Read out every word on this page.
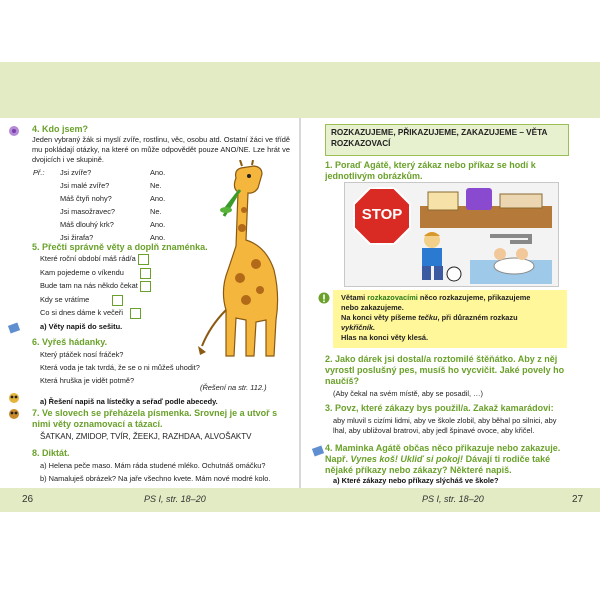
4. Kdo jsem?
Jeden vybraný žák si myslí zvíře, rostlinu, věc, osobu atd. Ostatní žáci ve třídě mu pokládají otázky, na které on může odpovědět pouze ANO/NE. Lze hrát ve dvojicích i ve skupině.
Př.: Jsi zvíře?	Ano.
Jsi malé zvíře?	Ne.
Máš čtyři nohy?	Ano.
Jsi masožravec?	Ne.
Máš dlouhý krk?	Ano.
Jsi žirafa?	Ano.
5. Přečti správně věty a doplň znaménka.
Které roční období máš rád/a
Kam pojedeme o víkendu
Bude tam na nás někdo čekat
Kdy se vrátíme
Co si dnes dáme k večeři
a) Věty napiš do sešitu.
6. Vyřeš hádanky.
Který ptáček nosí fráček?
Která voda je tak tvrdá, že se o ni můžeš uhodit?
Která hruška je vidět potmě?
(Řešení na str. 112.)
a) Řešení napiš na lístečky a seřaď podle abecedy.
7. Ve slovech se přeházela písmenka. Srovnej je a utvoř s nimi věty oznamovací a tázací.
ŠATKAN, ZMIDOP, TVÍR, ŽEEKJ, RAZHDAA, ALVOŠAKTV
8. Diktát.
a) Helena peče maso. Mám ráda studené mléko. Ochutnáš omáčku?
b) Namaluješ obrázek? Na jaře všechno kvete. Mám nové modré kolo.
ROZKAZUJEME, PŘIKAZUJEME, ZAKAZUJEME – VĚTA ROZKAZOVACÍ
1. Poraď Agátě, který zákaz nebo příkaz se hodí k jednotlivým obrázkům.
STOP
Větami rozkazovacími něco rozkazujeme, přikazujeme
nebo zakazujeme.
Na konci věty píšeme tečku, při důrazném rozkazu
vykřičník.
Hlas na konci věty klesá.
2. Jako dárek jsi dostal/a roztomilé štěňátko. Aby z něj vyrostl poslušný pes, musíš ho vycvičit. Jaké povely ho naučíš?
(Aby čekal na svém místě, aby se posadil, …)
3. Povz, které zákazy bys použil/a. Zakaž kamarádovi:
aby mluvil s cizími lidmi, aby ve škole zlobil, aby běhal po silnici, aby lhal, aby ubližoval bratrovi, aby jedl špinavé ovoce, aby křičel.
4. Maminka Agátě občas něco přikazuje nebo zakazuje. Např. Vynes koš! Ukliď si pokoj! Dávají ti rodiče také nějaké příkazy nebo zákazy? Některé napiš.
a) Které zákazy nebo příkazy slýcháš ve škole?
26	PS I, str. 18–20	PS I, str. 18–20	27
